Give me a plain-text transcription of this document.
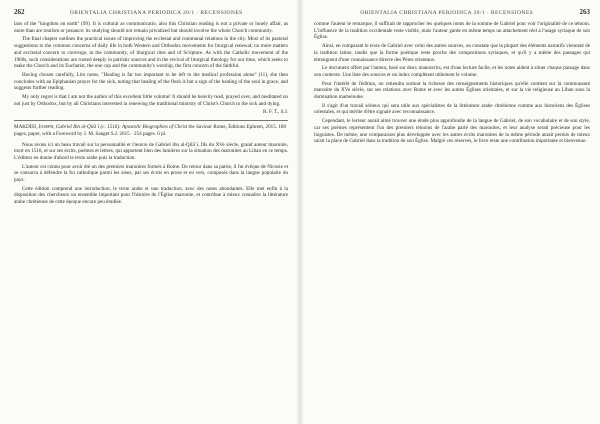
262	ORIENTALIA CHRISTIANA PERIODICA 20/1 · RECENSIONES

laos of the "kingdom on earth" (99). It is cultural as communicatio, also this Christian reading is not a private or lonely affair, as more than are tourism or penance: its studying should not remain privatized but should involve the whole Church community.

The final chapter outlines the practical issues of improving the ecclesial and communal relations in the city. Most of its pastoral suggestions to the common concerns of daily life in both Western and Orthodox movements for liturgical renewal; no more matters and ecclesial concern to converge, in the community, of liturgical rites and of Scripture. As with the Catholic movement of the 1960s, such considerations are rooted deeply in patristic sources and in the revival of liturgical theology for our time, which seeks to make the Church and its Eucharist, the one cup and the community's worship, the first concern of the faithful.

Having chosen carefully, Lim notes, "Healing is far too important to be left to the medical profession alone" (11), she then concludes with an Epiphanian prayer for the sick, noting that healing of the flesh is but a sign of the healing of the soul in grace, and suggests further reading.

My only regret is that I am not the author of this excellent little volume! It should be heavily read, prayed over, and meditated on not just by Orthodox, but by all Christians interested in renewing the traditional ministry of Christ's Church to the sick and dying.

R. F. T., S.J.
MAKDISI, Joseph, Gabriel Ibn al-Qilāʿī (c. 1516): Apostolic Biographies of Christ the Saviour Rome, Éditions Ephrem, 2015. 180 pages, paper, with a Foreword by J. M. Sauget S.J. 2015 · 254 pages. 6 pl.

Nous avons ici un beau travail sur la personnalité et l'œuvre de Gabriel ibn al-Qilāʿī, fils du XVe siècle, grand auteur maronite, mort en 1516, et sur ses écrits, poèmes et lettres, qui apportent bien des lumières sur la situation des maronites au Liban en ce temps. L'éditeur en donne d'abord le texte arabe puis la traduction.

L'auteur est connu pour avoir été un des premiers maronites formés à Rome. De retour dans sa patrie, il fut évêque de Nicosie et se consacra à défendre la foi catholique parmi les siens, par ses écrits en prose et en vers, composés dans la langue populaire du pays.

Cette édition comprend une introduction, le texte arabe et une traduction, avec des notes abondantes. Elle met enfin à la disposition des chercheurs un ensemble important pour l'histoire de l'Église maronite, et contribue à mieux connaître la littérature arabe chrétienne de cette époque encore peu étudiée.

ORIENTALIA CHRISTIANA PERIODICA 20/1 · RECENSIONES	263

comme l'auteur le remarque, il suffirait de rapprocher les quelques noms de la somme de Gabriel pour voir l'originalité de ce témoin. L'influence de la tradition occidentale reste visible, mais l'auteur garde en même temps un attachement réel à l'usage syriaque de son Église.

Ainsi, en comparant le texte de Gabriel avec celui des autres sources, on constate que la plupart des éléments narratifs viennent de la tradition latine, tandis que la forme poétique reste proche des compositions syriaques, et qu'il y a même des passages qui témoignent d'une connaissance directe des Pères orientaux.

Le document offert par l'auteur, basé sur deux manuscrits, est d'une lecture facile, et les notes aident à situer chaque passage dans son contexte. Une liste des sources et un index complètent utilement le volume.

Pour l'intérêt de l'édition, on retiendra surtout la richesse des renseignements historiques qu'elle contient sur la communauté maronite du XVe siècle, sur ses relations avec Rome et avec les autres Églises orientales, et sur la vie religieuse au Liban sous la domination mamelouke.

Il s'agit d'un travail sérieux qui sera utile aux spécialistes de la littérature arabe chrétienne comme aux historiens des Églises orientales, et qui mérite d'être signalé avec reconnaissance.

Cependant, le lecteur aurait aimé trouver une étude plus approfondie de la langue de Gabriel, de son vocabulaire et de son style, car ses poèmes représentent l'un des premiers témoins de l'arabe parlé des maronites, et leur analyse serait précieuse pour les linguistes. De même, une comparaison plus développée avec les autres écrits maronites de la même période aurait permis de mieux saisir la place de Gabriel dans la tradition de son Église. Malgré ces réserves, le livre reste une contribution importante et bienvenue.
